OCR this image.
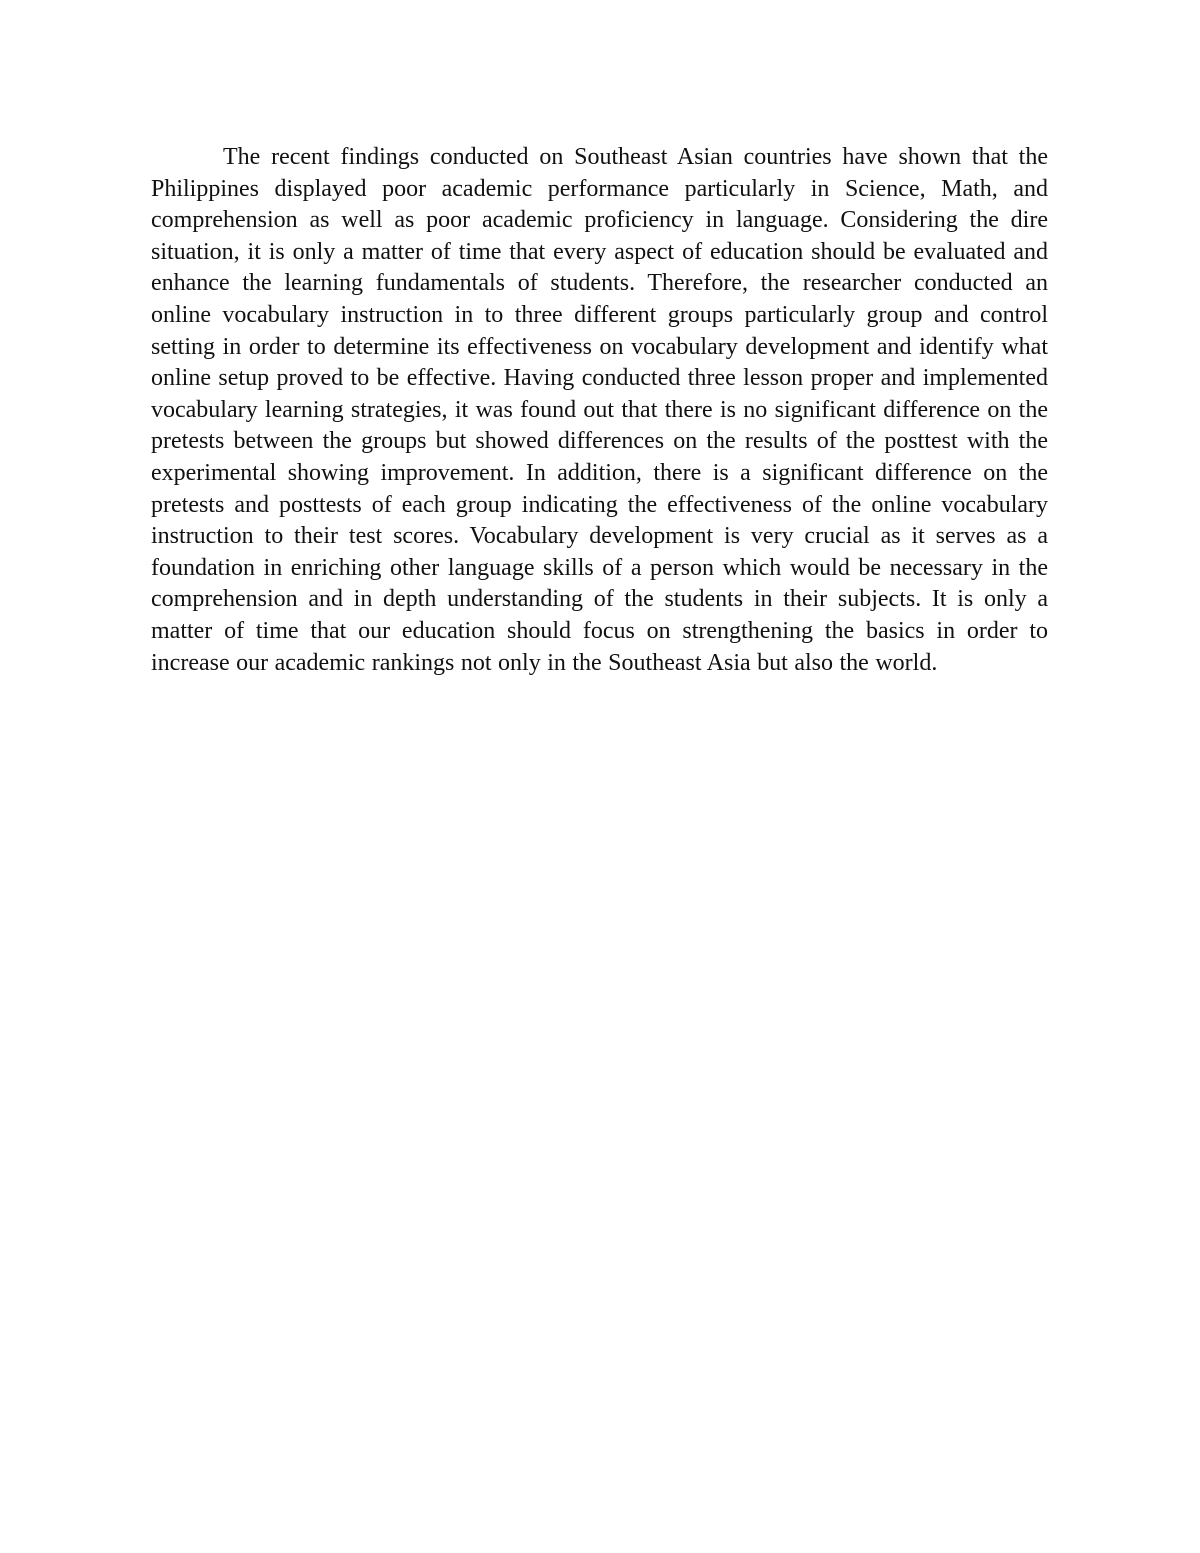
The recent findings conducted on Southeast Asian countries have shown that the Philippines displayed poor academic performance particularly in Science, Math, and comprehension as well as poor academic proficiency in language. Considering the dire situation, it is only a matter of time that every aspect of education should be evaluated and enhance the learning fundamentals of students. Therefore, the researcher conducted an online vocabulary instruction in to three different groups particularly group and control setting in order to determine its effectiveness on vocabulary development and identify what online setup proved to be effective. Having conducted three lesson proper and implemented vocabulary learning strategies, it was found out that there is no significant difference on the pretests between the groups but showed differences on the results of the posttest with the experimental showing improvement. In addition, there is a significant difference on the pretests and posttests of each group indicating the effectiveness of the online vocabulary instruction to their test scores. Vocabulary development is very crucial as it serves as a foundation in enriching other language skills of a person which would be necessary in the comprehension and in depth understanding of the students in their subjects. It is only a matter of time that our education should focus on strengthening the basics in order to increase our academic rankings not only in the Southeast Asia but also the world.
